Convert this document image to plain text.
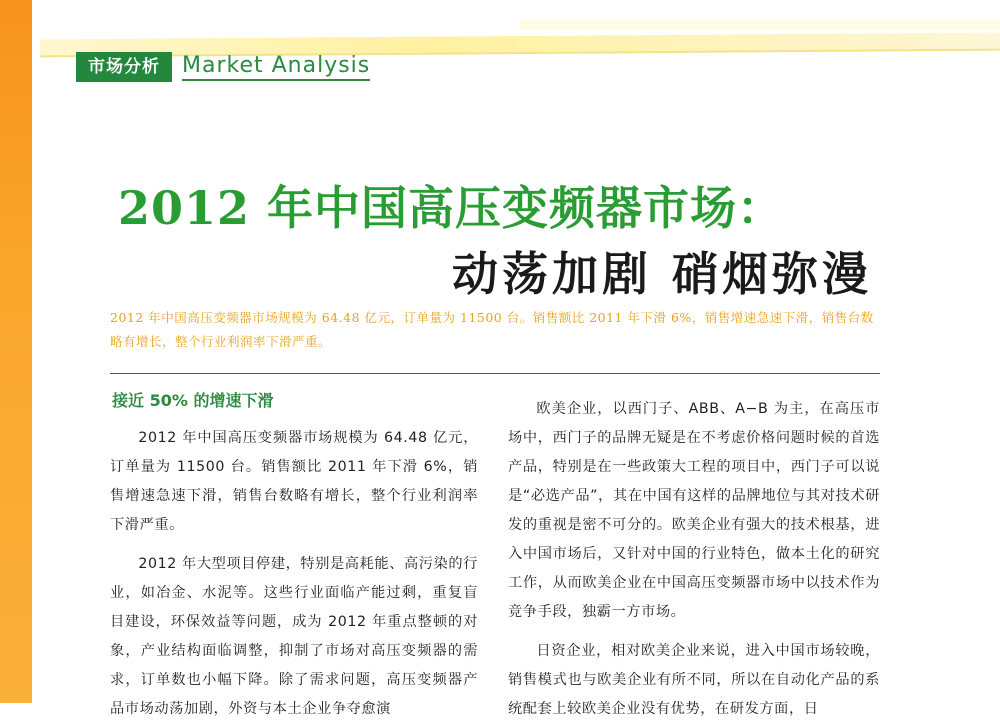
市场分析	Market Analysis
2012 年中国高压变频器市场：
动荡加剧 硝烟弥漫
2012 年中国高压变频器市场规模为 64.48 亿元，订单量为 11500 台。销售额比 2011 年下滑 6%，销售增速急速下滑，销售台数略有增长，整个行业利润率下滑严重。
接近 50% 的增速下滑

2012 年中国高压变频器市场规模为 64.48 亿元，订单量为 11500 台。销售额比 2011 年下滑 6%，销售增速急速下滑，销售台数略有增长，整个行业利润率下滑严重。

2012 年大型项目停建，特别是高耗能、高污染的行业，如冶金、水泥等。这些行业面临产能过剩，重复盲目建设，环保效益等问题，成为 2012 年重点整顿的对象，产业结构面临调整，抑制了市场对高压变频器的需求，订单数也小幅下降。除了需求问题，高压变频器产品市场动荡加剧，外资与本土企业争夺愈演

欧美企业，以西门子、ABB、A−B 为主，在高压市场中，西门子的品牌无疑是在不考虑价格问题时候的首选产品，特别是在一些政策大工程的项目中，西门子可以说是“必选产品”，其在中国有这样的品牌地位与其对技术研发的重视是密不可分的。欧美企业有强大的技术根基，进入中国市场后，又针对中国的行业特色，做本土化的研究工作，从而欧美企业在中国高压变频器市场中以技术作为竞争手段，独霸一方市场。

日资企业，相对欧美企业来说，进入中国市场较晚，销售模式也与欧美企业有所不同，所以在自动化产品的系统配套上较欧美企业没有优势，在研发方面，日
